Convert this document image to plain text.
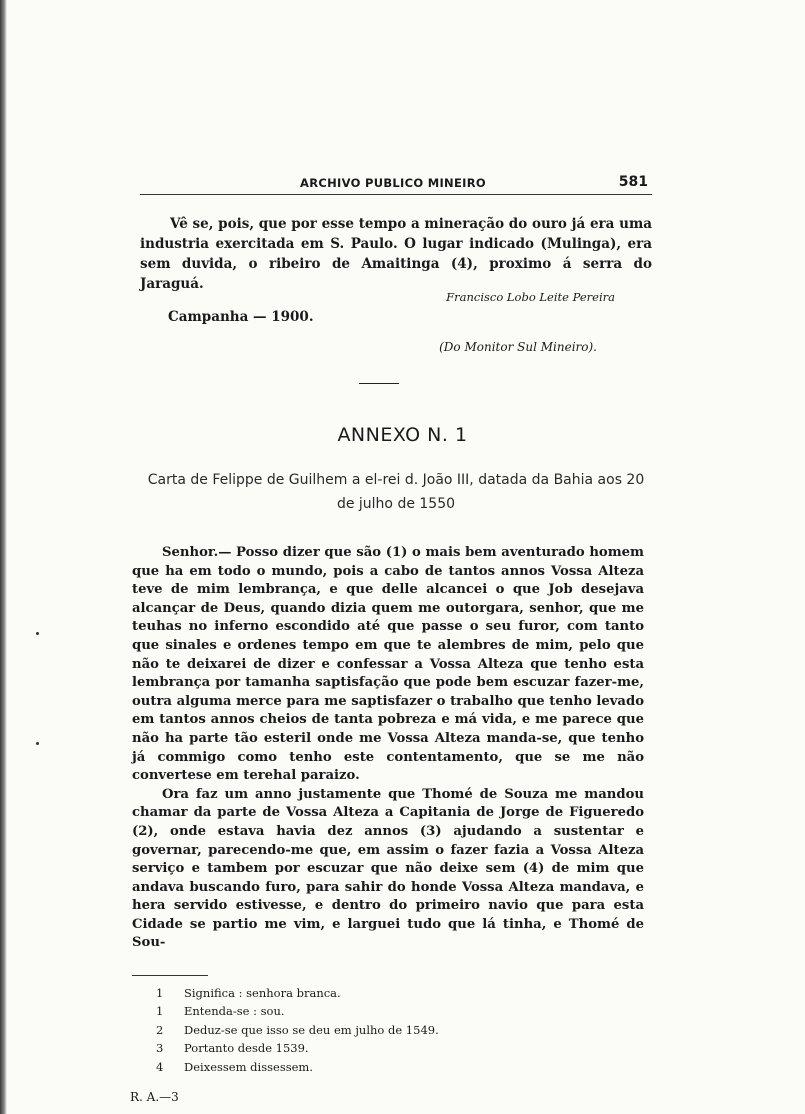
ARCHIVO PUBLICO MINEIRO	581

Vê se, pois, que por esse tempo a mineração do ouro já era uma industria exercitada em S. Paulo. O lugar indicado (Mulinga), era sem duvida, o ribeiro de Amaitinga (4), proximo á serra do Jaraguá.

Francisco Lobo Leite Pereira

Campanha — 1900.

(Do Monitor Sul Mineiro).

ANNEXO N. 1

Carta de Felippe de Guilhem a el-rei d. João III, datada da Bahia aos 20 de julho de 1550

Senhor.— Posso dizer que são (1) o mais bem aventurado homem que ha em todo o mundo, pois a cabo de tantos annos Vossa Alteza teve de mim lembrança, e que delle alcancei o que Job desejava alcançar de Deus, quando dizia quem me outorgara, senhor, que me teuhas no inferno escondido até que passe o seu furor, com tanto que sinales e ordenes tempo em que te alembres de mim, pelo que não te deixarei de dizer e confessar a Vossa Alteza que tenho esta lembrança por tamanha saptisfação que pode bem escuzar fazer-me, outra alguma merce para me saptisfazer o trabalho que tenho levado em tantos annos cheios de tanta pobreza e má vida, e me parece que não ha parte tão esteril onde me Vossa Alteza manda-se, que tenho já commigo como tenho este contentamento, que se me não convertese em terehal paraizo.

Ora faz um anno justamente que Thomé de Souza me mandou chamar da parte de Vossa Alteza a Capitania de Jorge de Figueredo (2), onde estava havia dez annos (3) ajudando a sustentar e governar, parecendo-me que, em assim o fazer fazia a Vossa Alteza serviço e tambem por escuzar que não deixe sem (4) de mim que andava buscando furo, para sahir do honde Vossa Alteza mandava, e hera servido estivesse, e dentro do primeiro navio que para esta Cidade se partio me vim, e larguei tudo que lá tinha, e Thomé de Sou-

1 Significa : senhora branca.
1 Entenda-se : sou.
2 Deduz-se que isso se deu em julho de 1549.
3 Portanto desde 1539.
4 Deixessem dissessem.

R. A.—3
